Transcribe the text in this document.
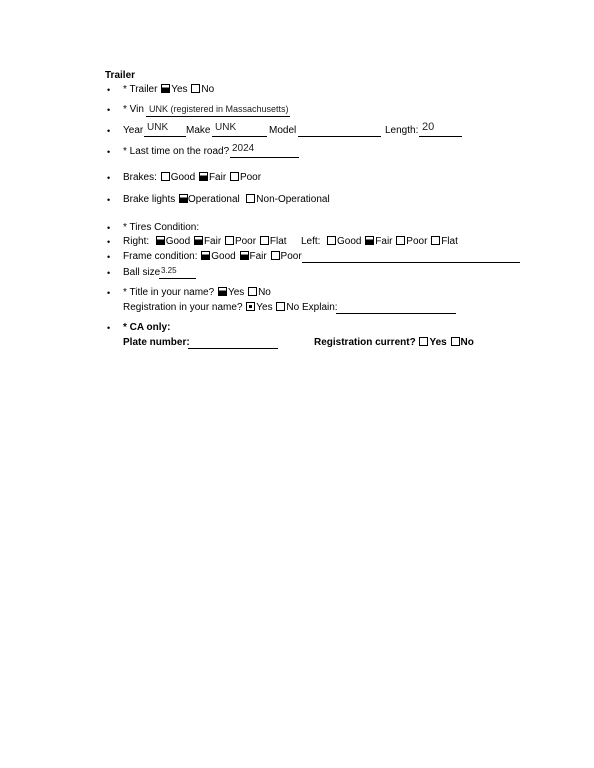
Trailer
• * Trailer Yes No
• * Vin UNK (registered in Massachusetts)
• Year UNK Make UNK	Model	Length: 20
• * Last time on the road? 2024
• Brakes: Good Fair Poor
• Brake lights Operational Non-Operational
• * Tires Condition:
• Right: Good Fair Poor Flat Left: Good Fair Poor Flat
• Frame condition: Good Fair Poor
• Ball size 3.25
• * Title in your name? Yes No
Registration in your name? Yes No Explain:
• * CA only:
Plate number:	Registration current? Yes No
